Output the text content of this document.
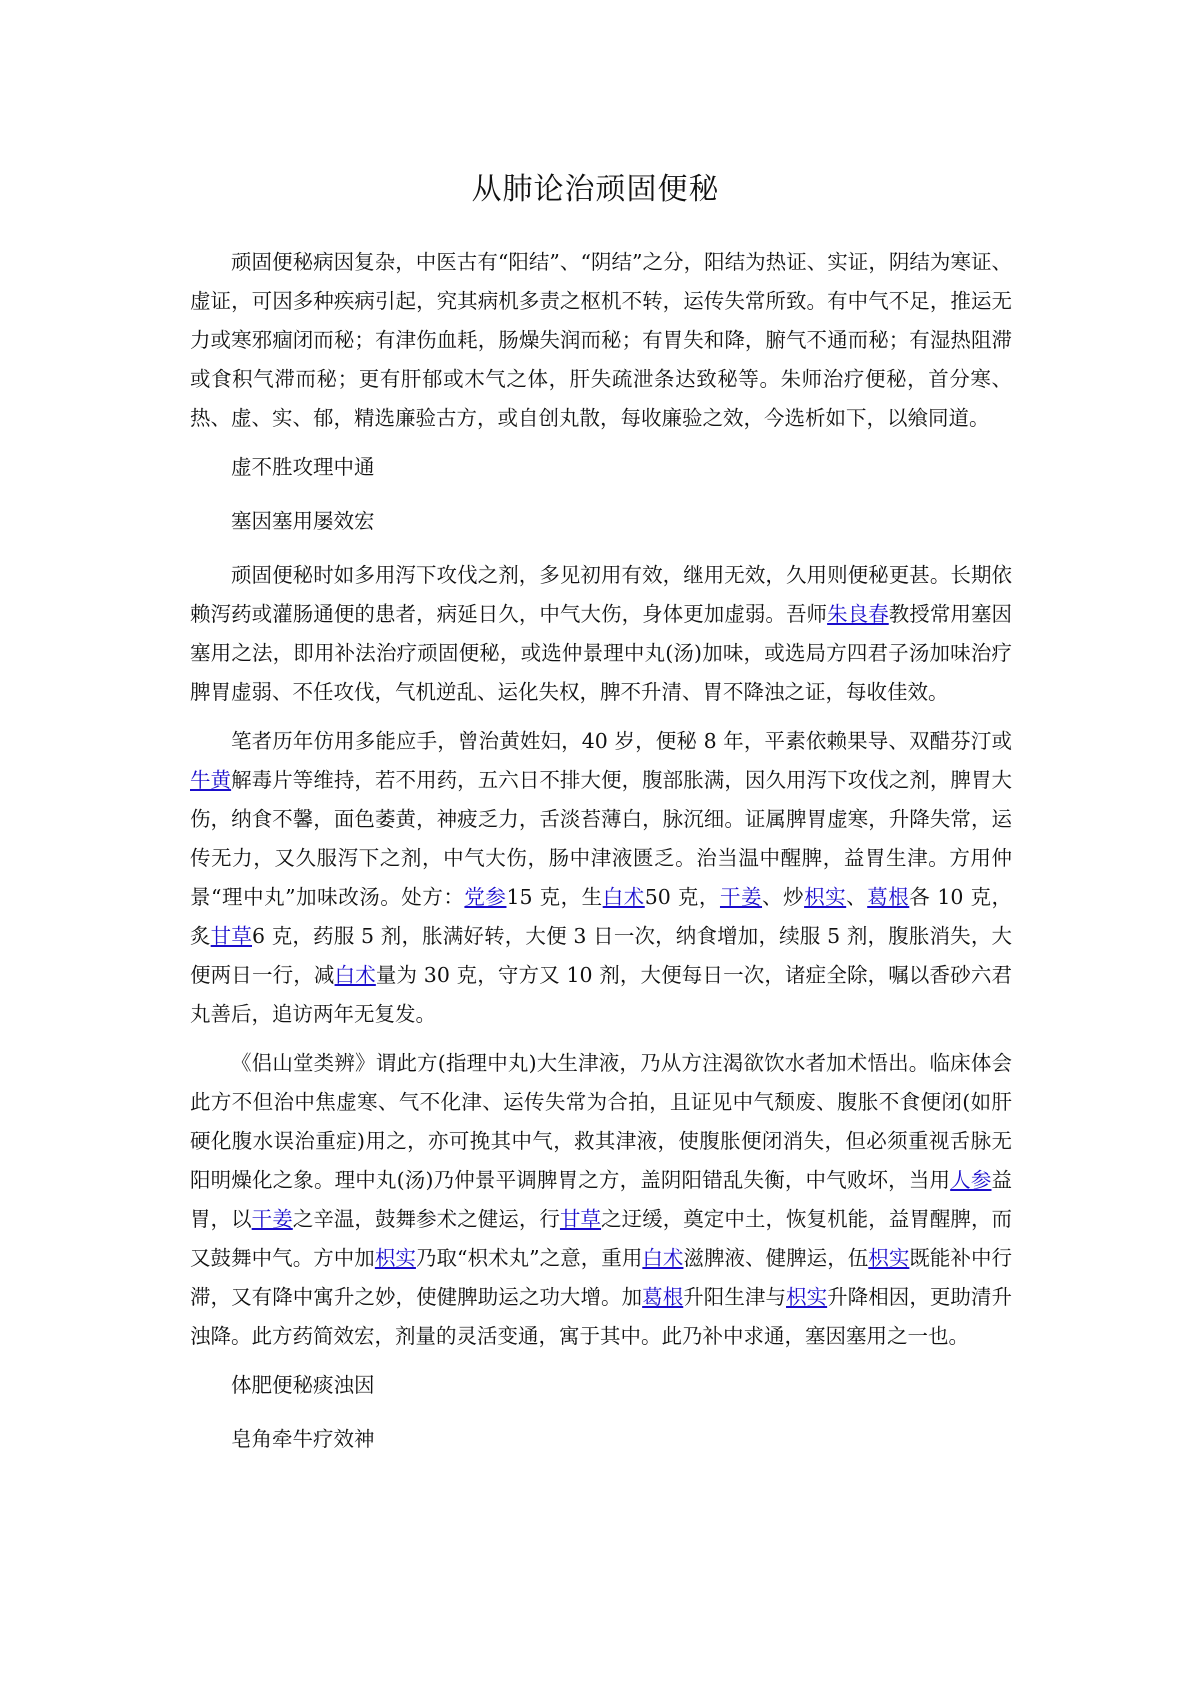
从肺论治顽固便秘

顽固便秘病因复杂，中医古有“阳结”、“阴结”之分，阳结为热证、实证，阴结为寒证、虚证，可因多种疾病引起，究其病机多责之枢机不转，运传失常所致。有中气不足，推运无力或寒邪痼闭而秘；有津伤血耗，肠燥失润而秘；有胃失和降，腑气不通而秘；有湿热阻滞或食积气滞而秘；更有肝郁或木气之体，肝失疏泄条达致秘等。朱师治疗便秘，首分寒、热、虚、实、郁，精选廉验古方，或自创丸散，每收廉验之效，今选析如下，以飨同道。

虚不胜攻理中通

塞因塞用屡效宏

顽固便秘时如多用泻下攻伐之剂，多见初用有效，继用无效，久用则便秘更甚。长期依赖泻药或灌肠通便的患者，病延日久，中气大伤，身体更加虚弱。吾师朱良春教授常用塞因塞用之法，即用补法治疗顽固便秘，或选仲景理中丸(汤)加味，或选局方四君子汤加味治疗脾胃虚弱、不任攻伐，气机逆乱、运化失权，脾不升清、胃不降浊之证，每收佳效。

笔者历年仿用多能应手，曾治黄姓妇，40 岁，便秘 8 年，平素依赖果导、双醋芬汀或牛黄解毒片等维持，若不用药，五六日不排大便，腹部胀满，因久用泻下攻伐之剂，脾胃大伤，纳食不馨，面色萎黄，神疲乏力，舌淡苔薄白，脉沉细。证属脾胃虚寒，升降失常，运传无力，又久服泻下之剂，中气大伤，肠中津液匮乏。治当温中醒脾，益胃生津。方用仲景“理中丸”加味改汤。处方：党参15 克，生白术50 克，干姜、炒枳实、葛根各 10 克，炙甘草6 克，药服 5 剂，胀满好转，大便 3 日一次，纳食增加，续服 5 剂，腹胀消失，大便两日一行，减白术量为 30 克，守方又 10 剂，大便每日一次，诸症全除，嘱以香砂六君丸善后，追访两年无复发。

《侣山堂类辨》谓此方(指理中丸)大生津液，乃从方注渴欲饮水者加术悟出。临床体会此方不但治中焦虚寒、气不化津、运传失常为合拍，且证见中气颓废、腹胀不食便闭(如肝硬化腹水误治重症)用之，亦可挽其中气，救其津液，使腹胀便闭消失，但必须重视舌脉无阳明燥化之象。理中丸(汤)乃仲景平调脾胃之方，盖阴阳错乱失衡，中气败坏，当用人参益胃，以干姜之辛温，鼓舞参术之健运，行甘草之迂缓，奠定中土，恢复机能，益胃醒脾，而又鼓舞中气。方中加枳实乃取“枳术丸”之意，重用白术滋脾液、健脾运，伍枳实既能补中行滞，又有降中寓升之妙，使健脾助运之功大增。加葛根升阳生津与枳实升降相因，更助清升浊降。此方药简效宏，剂量的灵活变通，寓于其中。此乃补中求通，塞因塞用之一也。

体肥便秘痰浊因

皂角牵牛疗效神
